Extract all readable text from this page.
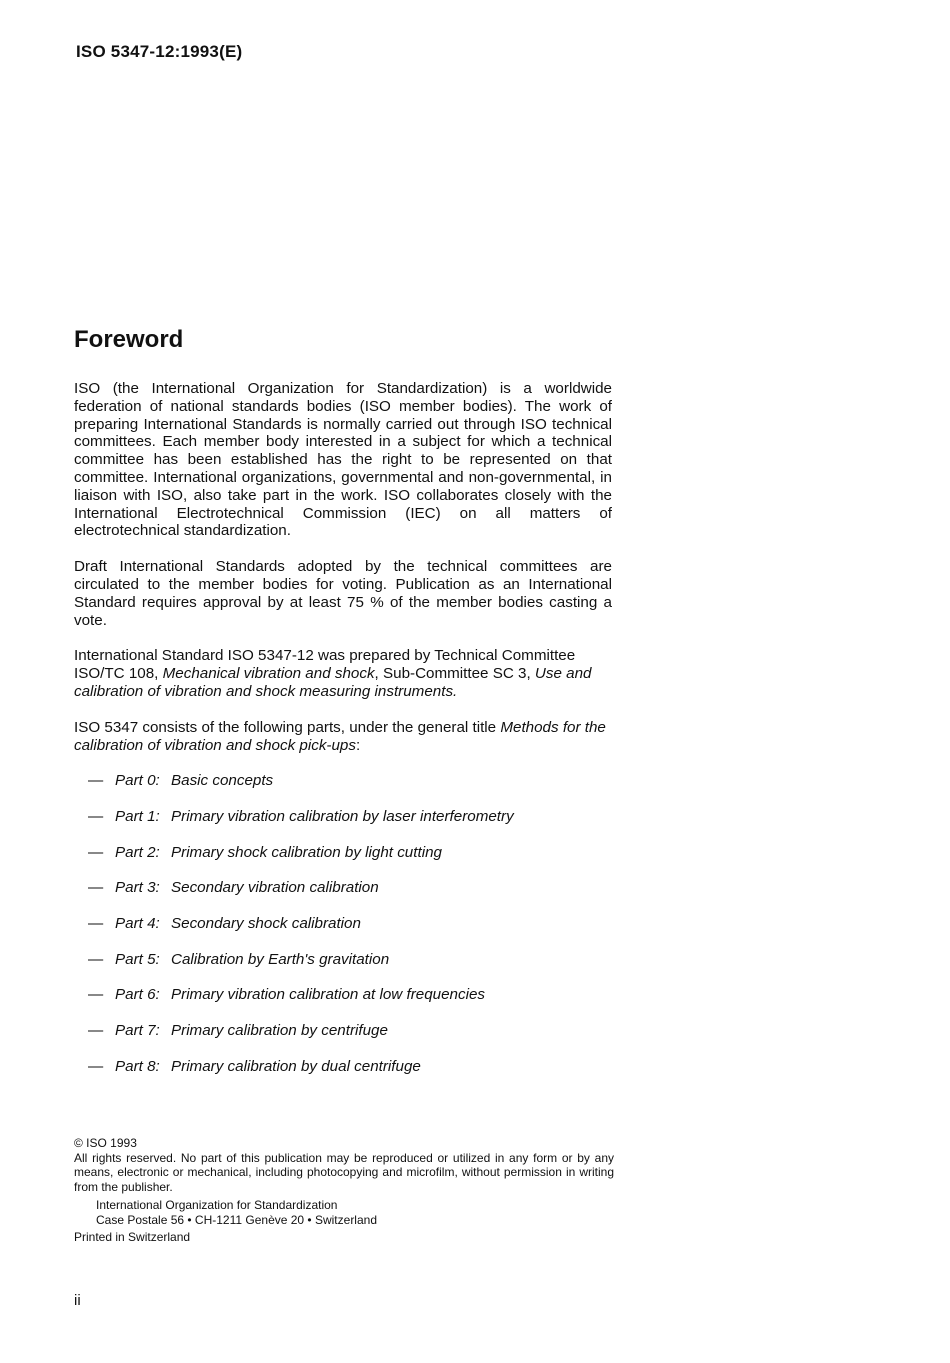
ISO 5347-12:1993(E)
Foreword

ISO (the International Organization for Standardization) is a worldwide federation of national standards bodies (ISO member bodies). The work of preparing International Standards is normally carried out through ISO technical committees. Each member body interested in a subject for which a technical committee has been established has the right to be represented on that committee. International organizations, governmental and non-governmental, in liaison with ISO, also take part in the work. ISO collaborates closely with the International Electrotechnical Commission (IEC) on all matters of electrotechnical standardization.

Draft International Standards adopted by the technical committees are circulated to the member bodies for voting. Publication as an International Standard requires approval by at least 75 % of the member bodies casting a vote.

International Standard ISO 5347-12 was prepared by Technical Committee ISO/TC 108, Mechanical vibration and shock, Sub-Committee SC 3, Use and calibration of vibration and shock measuring instruments.

ISO 5347 consists of the following parts, under the general title Methods for the calibration of vibration and shock pick-ups:

— Part 0: Basic concepts
— Part 1: Primary vibration calibration by laser interferometry
— Part 2: Primary shock calibration by light cutting
— Part 3: Secondary vibration calibration
— Part 4: Secondary shock calibration
— Part 5: Calibration by Earth's gravitation
— Part 6: Primary vibration calibration at low frequencies
— Part 7: Primary calibration by centrifuge
— Part 8: Primary calibration by dual centrifuge
© ISO 1993
All rights reserved. No part of this publication may be reproduced or utilized in any form or by any means, electronic or mechanical, including photocopying and microfilm, without permission in writing from the publisher.
International Organization for Standardization
Case Postale 56 • CH-1211 Genève 20 • Switzerland
Printed in Switzerland
ii
